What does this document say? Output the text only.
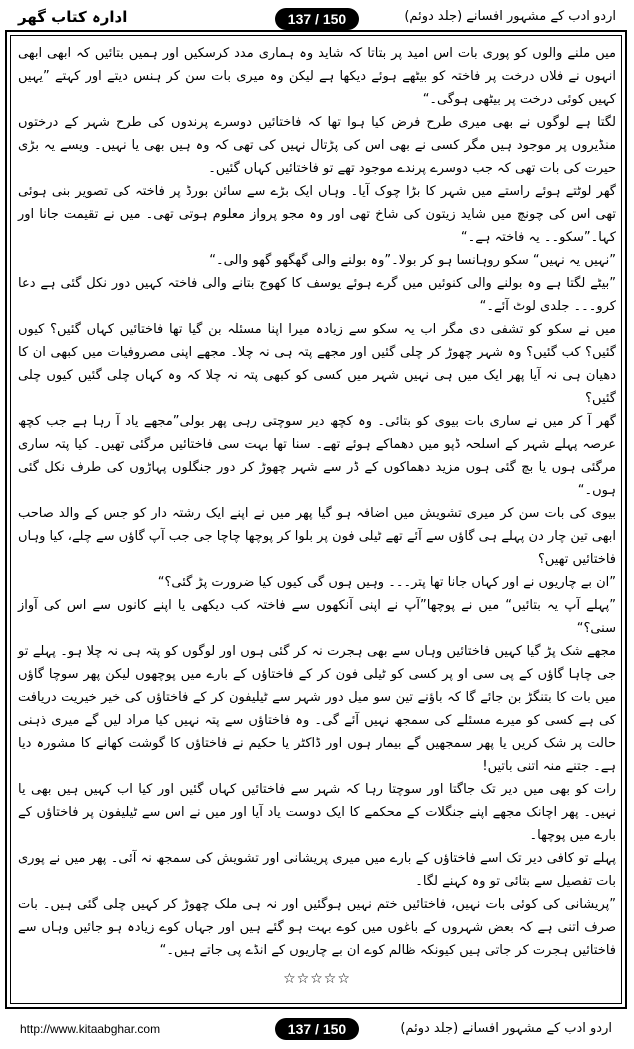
ادارہ کتاب گھر	137 / 150	اردو ادب کے مشہور افسانے (جلد دوئم)

میں ملنے والوں کو پوری بات اس امید پر بتاتا کہ شاید وہ ہماری مدد کرسکیں اور ہمیں بتائیں کہ ابھی ابھی انہوں نے فلاں درخت پر فاختہ کو بیٹھے ہوئے دیکھا ہے لیکن وہ میری بات سن کر ہنس دیتے اور کہتے ”یہیں کہیں کوئی درخت پر بیٹھی ہوگی۔“

لگتا ہے لوگوں نے بھی میری طرح فرض کیا ہوا تھا کہ فاختائیں دوسرے پرندوں کی طرح شہر کے درختوں منڈیروں پر موجود ہیں مگر کسی نے بھی اس کی پڑتال نہیں کی تھی کہ وہ ہیں بھی یا نہیں۔ ویسے یہ بڑی حیرت کی بات تھی کہ جب دوسرے پرندے موجود تھے تو فاختائیں کہاں گئیں۔

گھر لوٹتے ہوئے راستے میں شہر کا بڑا چوک آیا۔ وہاں ایک بڑے سے سائن بورڈ پر فاختہ کی تصویر بنی ہوئی تھی اس کی چونچ میں شاید زیتون کی شاخ تھی اور وہ مجو پرواز معلوم ہوتی تھی۔ میں نے تقیمت جانا اور کہا۔”سکو۔۔ یہ فاختہ ہے۔“

”نہیں یہ نہیں“ سکو روہانسا ہو کر بولا۔”وہ بولنے والی گھگھو گھو والی۔“

”بیٹے لگتا ہے وہ بولنے والی کنوئیں میں گرے ہوئے یوسف کا کھوج بتانے والی فاختہ کہیں دور نکل گئی ہے دعا کرو۔۔۔ جلدی لوٹ آئے۔“

میں نے سکو کو تشفی دی مگر اب یہ سکو سے زیادہ میرا اپنا مسئلہ بن گیا تھا فاختائیں کہاں گئیں؟ کیوں گئیں؟ کب گئیں؟ وہ شہر چھوڑ کر چلی گئیں اور مجھے پتہ ہی نہ چلا۔ مجھے اپنی مصروفیات میں کبھی ان کا دھیان ہی نہ آیا پھر ایک میں ہی نہیں شہر میں کسی کو کبھی پتہ نہ چلا کہ وہ کہاں چلی گئیں کیوں چلی گئیں؟

گھر آ کر میں نے ساری بات بیوی کو بتائی۔ وہ کچھ دیر سوچتی رہی پھر بولی”مجھے یاد آ رہا ہے جب کچھ عرصہ پہلے شہر کے اسلحہ ڈپو میں دھماکے ہوئے تھے۔ سنا تھا بہت سی فاختائیں مرگئی تھیں۔ کیا پتہ ساری مرگئی ہوں یا بچ گئی ہوں مزید دھماکوں کے ڈر سے شہر چھوڑ کر دور جنگلوں پہاڑوں کی طرف نکل گئی ہوں۔“

بیوی کی بات سن کر میری تشویش میں اضافہ ہو گیا پھر میں نے اپنے ایک رشتہ دار کو جس کے والد صاحب ابھی تین چار دن پہلے ہی گاؤں سے آئے تھے ٹیلی فون پر بلوا کر پوچھا چاچا جی جب آپ گاؤں سے چلے، کیا وہاں فاختائیں تھیں؟

”ان بے چاریوں نے اور کہاں جانا تھا پتر۔۔۔ وہیں ہوں گی کیوں کیا ضرورت پڑ گئی؟“

”پہلے آپ یہ بتائیں“ میں نے پوچھا”آپ نے اپنی آنکھوں سے فاختہ کب دیکھی یا اپنے کانوں سے اس کی آواز سنی؟“

مجھے شک پڑ گیا کہیں فاختائیں وہاں سے بھی ہجرت نہ کر گئی ہوں اور لوگوں کو پتہ ہی نہ چلا ہو۔ پہلے تو جی چاہا گاؤں کے پی سی او پر کسی کو ٹیلی فون کر کے فاختاؤں کے بارے میں پوچھوں لیکن پھر سوچا گاؤں میں بات کا بتنگڑ بن جائے گا کہ باؤنے تین سو میل دور شہر سے ٹیلیفون کر کے فاختاؤں کی خیر خیریت دریافت کی ہے کسی کو میرے مسئلے کی سمجھ نہیں آئے گی۔ وہ فاختاؤں سے پتہ نہیں کیا مراد لیں گے میری ذہنی حالت پر شک کریں یا پھر سمجھیں گے بیمار ہوں اور ڈاکٹر یا حکیم نے فاختاؤں کا گوشت کھانے کا مشورہ دیا ہے۔ جتنے منہ اتنی باتیں!

رات کو بھی میں دیر تک جاگتا اور سوچتا رہا کہ شہر سے فاختائیں کہاں گئیں اور کیا اب کہیں ہیں بھی یا نہیں۔ پھر اچانک مجھے اپنے جنگلات کے محکمے کا ایک دوست یاد آیا اور میں نے اس سے ٹیلیفون پر فاختاؤں کے بارے میں پوچھا۔

پہلے تو کافی دیر تک اسے فاختاؤں کے بارے میں میری پریشانی اور تشویش کی سمجھ نہ آئی۔ پھر میں نے پوری بات تفصیل سے بتائی تو وہ کہنے لگا۔

”پریشانی کی کوئی بات نہیں، فاختائیں ختم نہیں ہوگئیں اور نہ ہی ملک چھوڑ کر کہیں چلی گئی ہیں۔ بات صرف اتنی ہے کہ بعض شہروں کے باغوں میں کوے بہت ہو گئے ہیں اور جہاں کوے زیادہ ہو جائیں وہاں سے فاختائیں ہجرت کر جاتی ہیں کیونکہ ظالم کوے ان بے چاریوں کے انڈے پی جاتے ہیں۔“

☆☆☆☆☆
http://www.kitaabghar.com	137 / 150	اردو ادب کے مشہور افسانے (جلد دوئم)
